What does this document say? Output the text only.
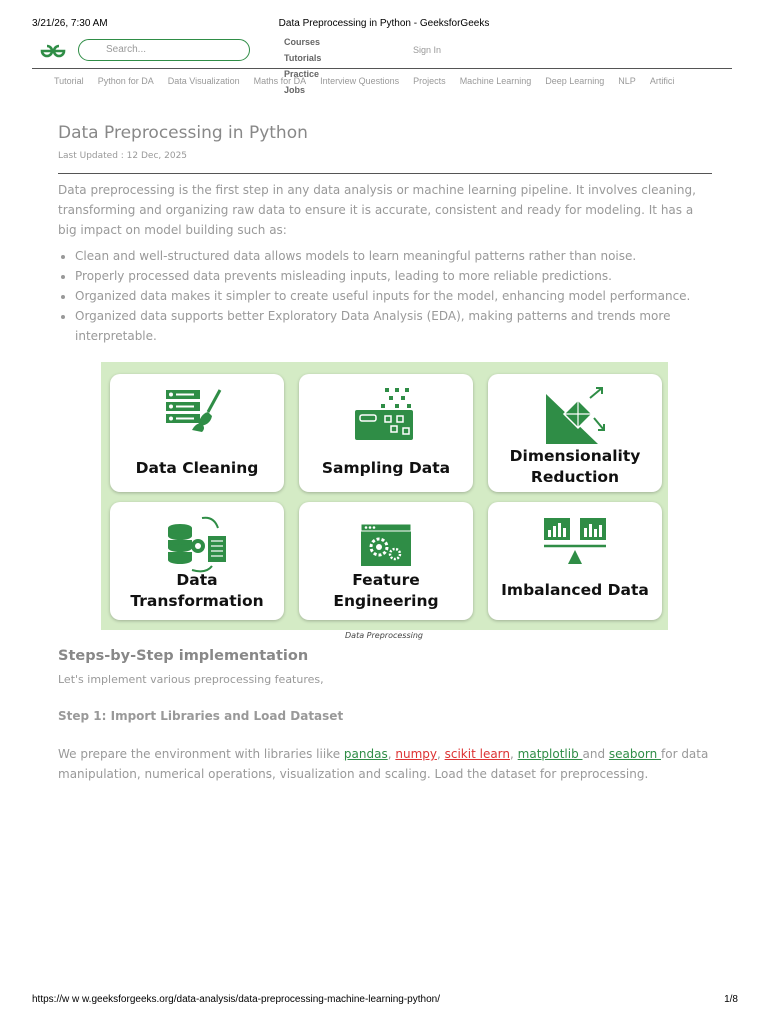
3/21/26, 7:30 AM	Data Preprocessing in Python - GeeksforGeeks
Search...
Courses
Tutorials
Practice
Jobs
Sign In
Tutorial Python for DA Data Visualization Maths for DA Interview Questions Projects Machine Learning Deep Learning NLP Artifici
Data Preprocessing in Python
Last Updated : 12 Dec, 2025
Data preprocessing is the first step in any data analysis or machine learning pipeline. It involves cleaning, transforming and organizing raw data to ensure it is accurate, consistent and ready for modeling. It has a big impact on model building such as:
• Clean and well-structured data allows models to learn meaningful patterns rather than noise.
• Properly processed data prevents misleading inputs, leading to more reliable predictions.
• Organized data makes it simpler to create useful inputs for the model, enhancing model performance.
• Organized data supports better Exploratory Data Analysis (EDA), making patterns and trends more interpretable.
Data Cleaning	Sampling Data
Dimensionality
Reduction
Data
Transformation
Feature
Engineering
Imbalanced Data
Data Preprocessing
Steps-by-Step implementation
Let's implement various preprocessing features,
Step 1: Import Libraries and Load Dataset
We prepare the environment with libraries liike pandas, numpy, scikit learn, matplotlib and seaborn for data manipulation, numerical operations, visualization and scaling. Load the dataset for preprocessing.
https://w w w.geeksforgeeks.org/data-analysis/data-preprocessing-machine-learning-python/	1/8
